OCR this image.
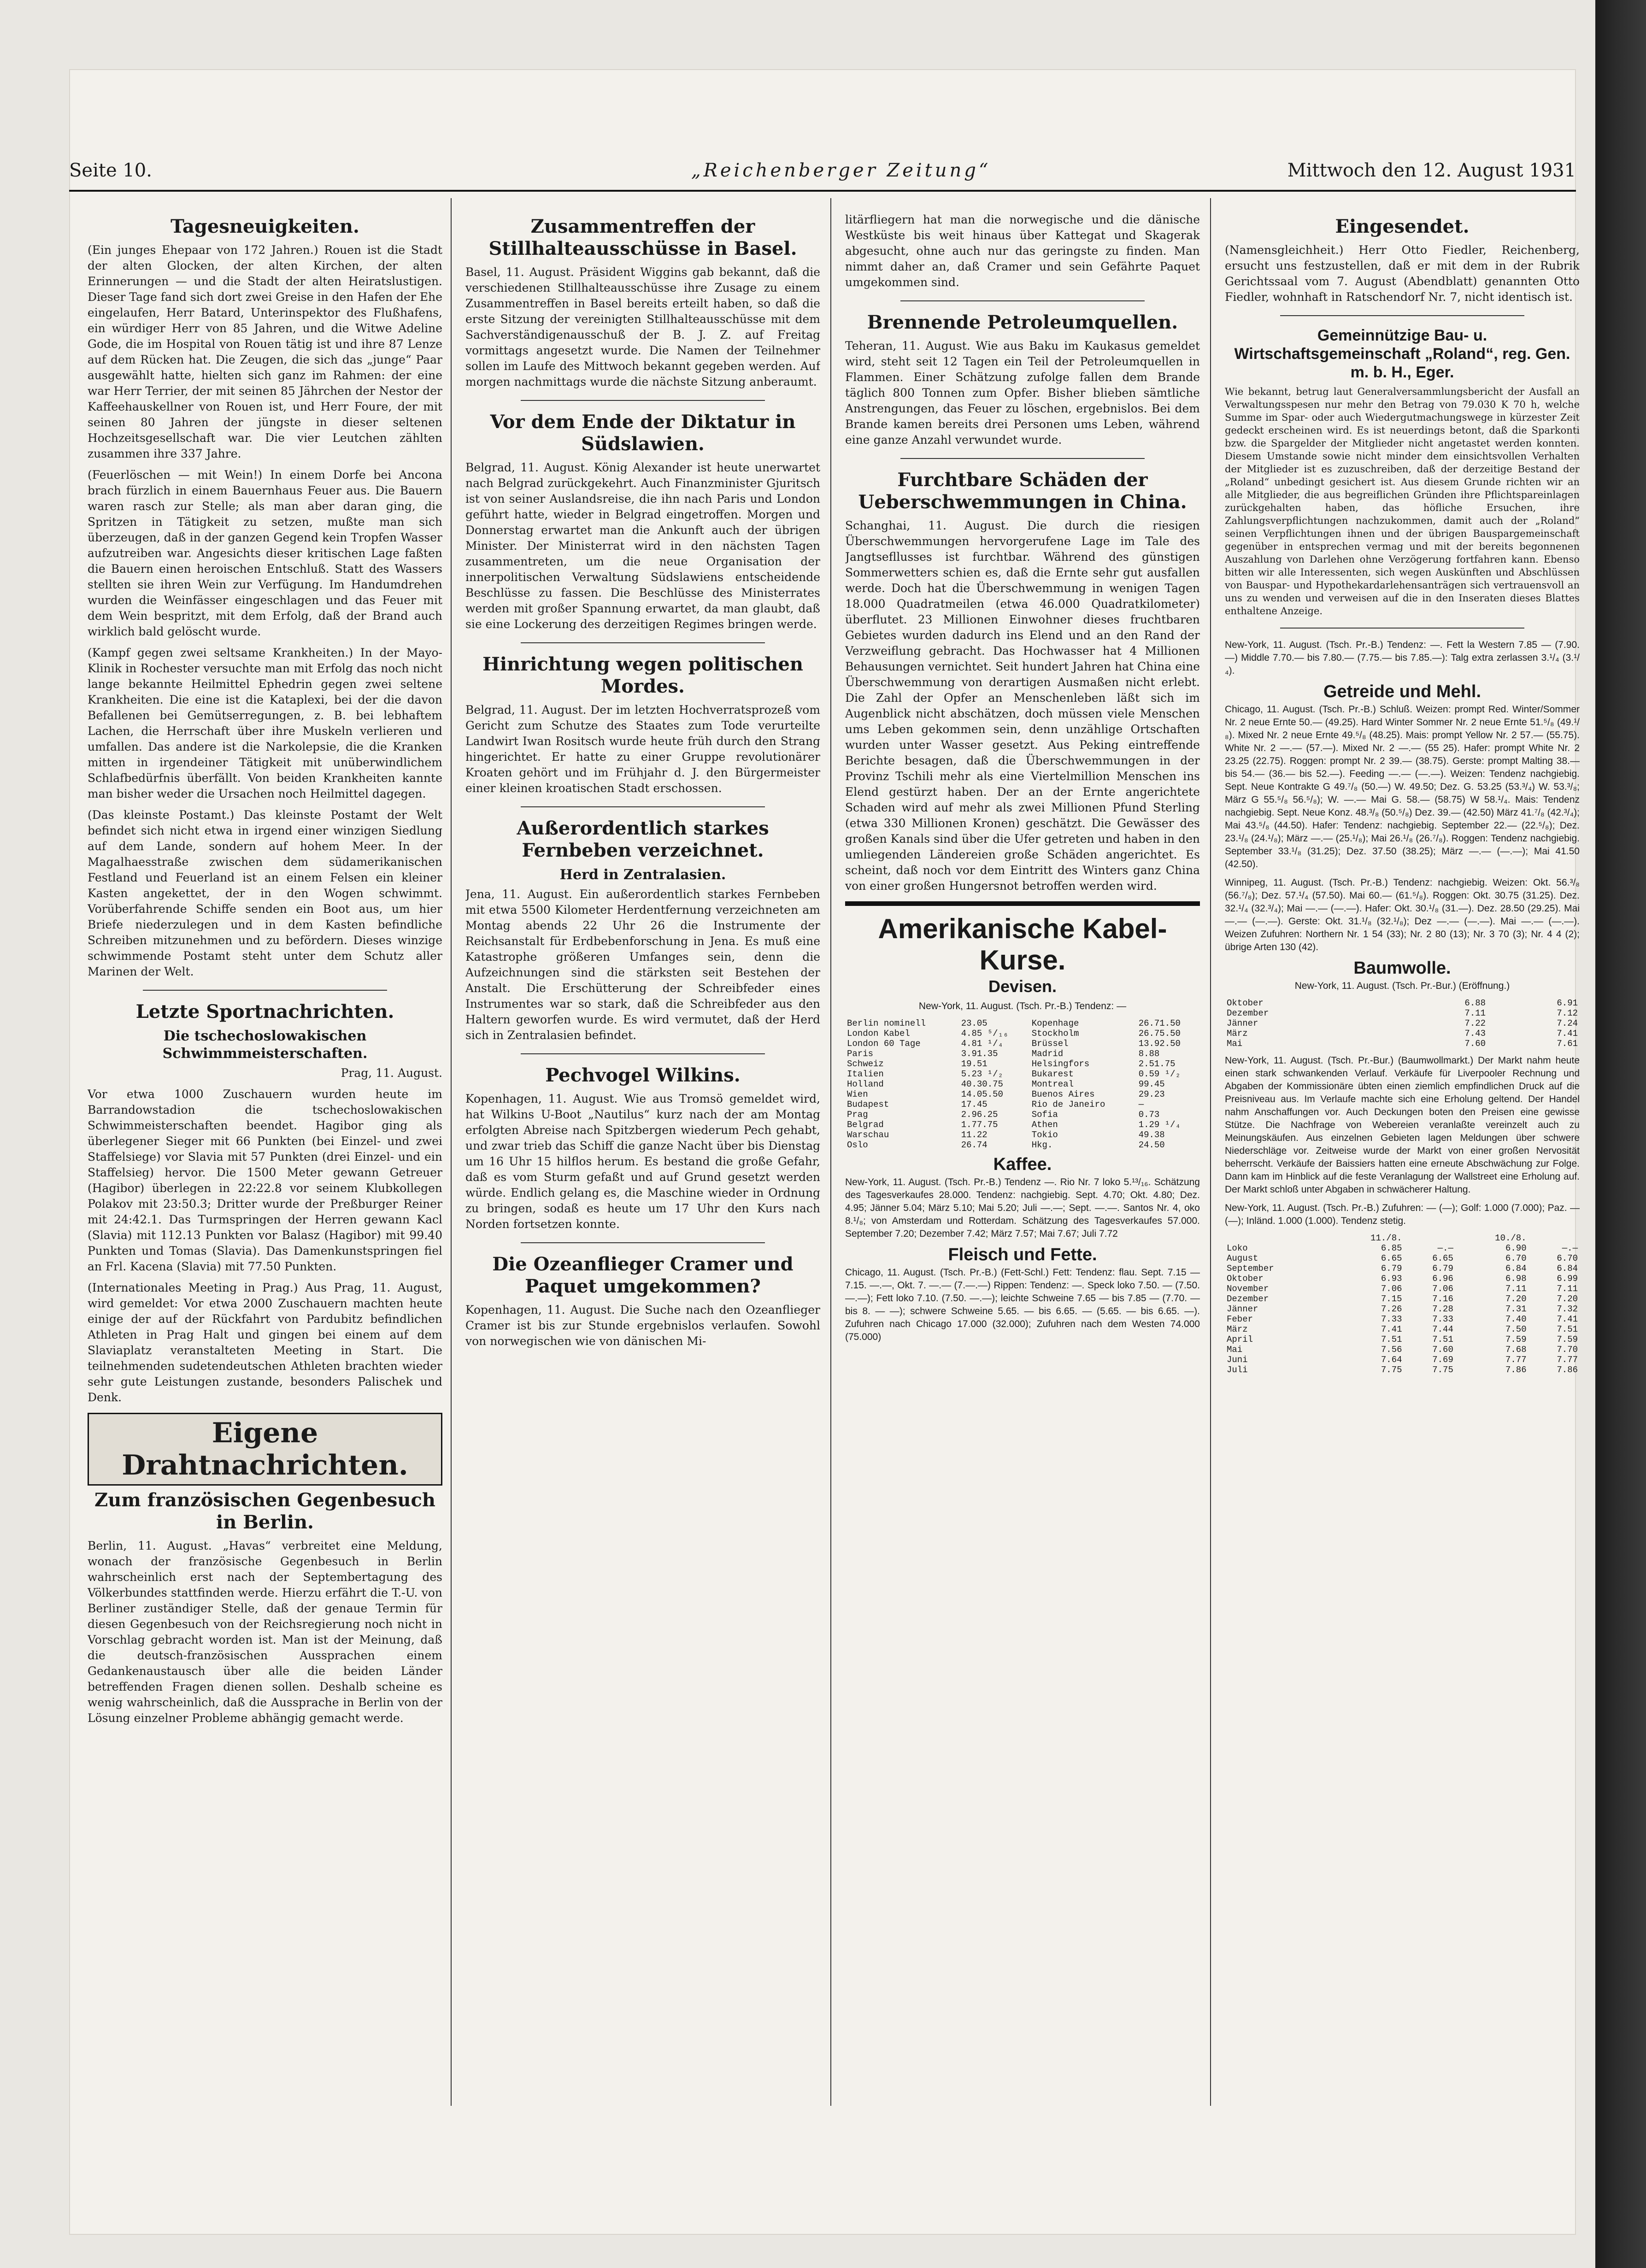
Seite 10.	„Reichenberger Zeitung“	Mittwoch den 12. August 1931
Tagesneuigkeiten.

(Ein junges Ehepaar von 172 Jahren.) Rouen ist die Stadt der alten Glocken, der alten Kirchen, der alten Erinnerungen — und die Stadt der alten Heiratslustigen. Dieser Tage fand sich dort zwei Greise in den Hafen der Ehe eingelaufen, Herr Batard, Unterinspektor des Flußhafens, ein würdiger Herr von 85 Jahren, und die Witwe Adeline Gode, die im Hospital von Rouen tätig ist und ihre 87 Lenze auf dem Rücken hat. Die Zeugen, die sich das „junge“ Paar ausgewählt hatte, hielten sich ganz im Rahmen: der eine war Herr Terrier, der mit seinen 85 Jährchen der Nestor der Kaffeehauskellner von Rouen ist, und Herr Foure, der mit seinen 80 Jahren der jüngste in dieser seltenen Hochzeitsgesellschaft war. Die vier Leutchen zählten zusammen ihre 337 Jahre.

(Feuerlöschen — mit Wein!) In einem Dorfe bei Ancona brach fürzlich in einem Bauernhaus Feuer aus. Die Bauern waren rasch zur Stelle; als man aber daran ging, die Spritzen in Tätigkeit zu setzen, mußte man sich überzeugen, daß in der ganzen Gegend kein Tropfen Wasser aufzutreiben war. Angesichts dieser kritischen Lage faßten die Bauern einen heroischen Entschluß. Statt des Wassers stellten sie ihren Wein zur Verfügung. Im Handumdrehen wurden die Weinfässer eingeschlagen und das Feuer mit dem Wein bespritzt, mit dem Erfolg, daß der Brand auch wirklich bald gelöscht wurde.

(Kampf gegen zwei seltsame Krankheiten.) In der Mayo-Klinik in Rochester versuchte man mit Erfolg das noch nicht lange bekannte Heilmittel Ephedrin gegen zwei seltene Krankheiten. Die eine ist die Kataplexi, bei der die davon Befallenen bei Gemütserregungen, z. B. bei lebhaftem Lachen, die Herrschaft über ihre Muskeln verlieren und umfallen. Das andere ist die Narkolepsie, die die Kranken mitten in irgendeiner Tätigkeit mit unüberwindlichem Schlafbedürfnis überfällt. Von beiden Krankheiten kannte man bisher weder die Ursachen noch Heilmittel dagegen.

(Das kleinste Postamt.) Das kleinste Postamt der Welt befindet sich nicht etwa in irgend einer winzigen Siedlung auf dem Lande, sondern auf hohem Meer. In der Magalhaesstraße zwischen dem südamerikanischen Festland und Feuerland ist an einem Felsen ein kleiner Kasten angekettet, der in den Wogen schwimmt. Vorüberfahrende Schiffe senden ein Boot aus, um hier Briefe niederzulegen und in dem Kasten befindliche Schreiben mitzunehmen und zu befördern. Dieses winzige schwimmende Postamt steht unter dem Schutz aller Marinen der Welt.

Letzte Sportnachrichten.
Die tschechoslowakischen Schwimmmeisterschaften.

Prag, 11. August.

Vor etwa 1000 Zuschauern wurden heute im Barrandowstadion die tschechoslowakischen Schwimmeisterschaften beendet. Hagibor ging als überlegener Sieger mit 66 Punkten (bei Einzel- und zwei Staffelsiege) vor Slavia mit 57 Punkten (drei Einzel- und ein Staffelsieg) hervor. Die 1500 Meter gewann Getreuer (Hagibor) überlegen in 22:22.8 vor seinem Klubkollegen Polakov mit 23:50.3; Dritter wurde der Preßburger Reiner mit 24:42.1. Das Turmspringen der Herren gewann Kacl (Slavia) mit 112.13 Punkten vor Balasz (Hagibor) mit 99.40 Punkten und Tomas (Slavia). Das Damenkunstspringen fiel an Frl. Kacena (Slavia) mit 77.50 Punkten.

(Internationales Meeting in Prag.) Aus Prag, 11. August, wird gemeldet: Vor etwa 2000 Zuschauern machten heute einige der auf der Rückfahrt von Pardubitz befindlichen Athleten in Prag Halt und gingen bei einem auf dem Slaviaplatz veranstalteten Meeting in Start. Die teilnehmenden sudetendeutschen Athleten brachten wieder sehr gute Leistungen zustande, besonders Palischek und Denk.

Eigene Drahtnachrichten.
Zum französischen Gegenbesuch in Berlin.

Berlin, 11. August. „Havas“ verbreitet eine Meldung, wonach der französische Gegenbesuch in Berlin wahrscheinlich erst nach der Septembertagung des Völkerbundes stattfinden werde. Hierzu erfährt die T.-U. von Berliner zuständiger Stelle, daß der genaue Termin für diesen Gegenbesuch von der Reichsregierung noch nicht in Vorschlag gebracht worden ist. Man ist der Meinung, daß die deutsch-französischen Aussprachen einem Gedankenaustausch über alle die beiden Länder betreffenden Fragen dienen sollen. Deshalb scheine es wenig wahrscheinlich, daß die Aussprache in Berlin von der Lösung einzelner Probleme abhängig gemacht werde.

Zusammentreffen der Stillhalteausschüsse in Basel.

Basel, 11. August. Präsident Wiggins gab bekannt, daß die verschiedenen Stillhalteausschüsse ihre Zusage zu einem Zusammentreffen in Basel bereits erteilt haben, so daß die erste Sitzung der vereinigten Stillhalteausschüsse mit dem Sachverständigenausschuß der B. J. Z. auf Freitag vormittags angesetzt wurde. Die Namen der Teilnehmer sollen im Laufe des Mittwoch bekannt gegeben werden. Auf morgen nachmittags wurde die nächste Sitzung anberaumt.

Vor dem Ende der Diktatur in Südslawien.

Belgrad, 11. August. König Alexander ist heute unerwartet nach Belgrad zurückgekehrt. Auch Finanzminister Gjuritsch ist von seiner Auslandsreise, die ihn nach Paris und London geführt hatte, wieder in Belgrad eingetroffen. Morgen und Donnerstag erwartet man die Ankunft auch der übrigen Minister. Der Ministerrat wird in den nächsten Tagen zusammentreten, um die neue Organisation der innerpolitischen Verwaltung Südslawiens entscheidende Beschlüsse zu fassen. Die Beschlüsse des Ministerrates werden mit großer Spannung erwartet, da man glaubt, daß sie eine Lockerung des derzeitigen Regimes bringen werde.

Hinrichtung wegen politischen Mordes.

Belgrad, 11. August. Der im letzten Hochverratsprozeß vom Gericht zum Schutze des Staates zum Tode verurteilte Landwirt Iwan Rositsch wurde heute früh durch den Strang hingerichtet. Er hatte zu einer Gruppe revolutionärer Kroaten gehört und im Frühjahr d. J. den Bürgermeister einer kleinen kroatischen Stadt erschossen.

Außerordentlich starkes Fernbeben verzeichnet.
Herd in Zentralasien.

Jena, 11. August. Ein außerordentlich starkes Fernbeben mit etwa 5500 Kilometer Herdentfernung verzeichneten am Montag abends 22 Uhr 26 die Instrumente der Reichsanstalt für Erdbebenforschung in Jena. Es muß eine Katastrophe größeren Umfanges sein, denn die Aufzeichnungen sind die stärksten seit Bestehen der Anstalt. Die Erschütterung der Schreibfeder eines Instrumentes war so stark, daß die Schreibfeder aus den Haltern geworfen wurde. Es wird vermutet, daß der Herd sich in Zentralasien befindet.

Pechvogel Wilkins.

Kopenhagen, 11. August. Wie aus Tromsö gemeldet wird, hat Wilkins U-Boot „Nautilus“ kurz nach der am Montag erfolgten Abreise nach Spitzbergen wiederum Pech gehabt, und zwar trieb das Schiff die ganze Nacht über bis Dienstag um 16 Uhr 15 hilflos herum. Es bestand die große Gefahr, daß es vom Sturm gefaßt und auf Grund gesetzt werden würde. Endlich gelang es, die Maschine wieder in Ordnung zu bringen, sodaß es heute um 17 Uhr den Kurs nach Norden fortsetzen konnte.

Die Ozeanflieger Cramer und Paquet umgekommen?

Kopenhagen, 11. August. Die Suche nach den Ozeanflieger Cramer ist bis zur Stunde ergebnislos verlaufen. Sowohl von norwegischen wie von dänischen Mi-

litärfliegern hat man die norwegische und die dänische Westküste bis weit hinaus über Kattegat und Skagerak abgesucht, ohne auch nur das geringste zu finden. Man nimmt daher an, daß Cramer und sein Gefährte Paquet umgekommen sind.

Brennende Petroleumquellen.

Teheran, 11. August. Wie aus Baku im Kaukasus gemeldet wird, steht seit 12 Tagen ein Teil der Petroleumquellen in Flammen. Einer Schätzung zufolge fallen dem Brande täglich 800 Tonnen zum Opfer. Bisher blieben sämtliche Anstrengungen, das Feuer zu löschen, ergebnislos. Bei dem Brande kamen bereits drei Personen ums Leben, während eine ganze Anzahl verwundet wurde.

Furchtbare Schäden der Ueberschwemmungen in China.

Schanghai, 11. August. Die durch die riesigen Überschwemmungen hervorgerufene Lage im Tale des Jangtsefllusses ist furchtbar. Während des günstigen Sommerwetters schien es, daß die Ernte sehr gut ausfallen werde. Doch hat die Überschwemmung in wenigen Tagen 18.000 Quadratmeilen (etwa 46.000 Quadratkilometer) überflutet. 23 Millionen Einwohner dieses fruchtbaren Gebietes wurden dadurch ins Elend und an den Rand der Verzweiflung gebracht. Das Hochwasser hat 4 Millionen Behausungen vernichtet. Seit hundert Jahren hat China eine Überschwemmung von derartigen Ausmaßen nicht erlebt. Die Zahl der Opfer an Menschenleben läßt sich im Augenblick nicht abschätzen, doch müssen viele Menschen ums Leben gekommen sein, denn unzählige Ortschaften wurden unter Wasser gesetzt. Aus Peking eintreffende Berichte besagen, daß die Überschwemmungen in der Provinz Tschili mehr als eine Viertelmillion Menschen ins Elend gestürzt haben. Der an der Ernte angerichtete Schaden wird auf mehr als zwei Millionen Pfund Sterling (etwa 330 Millionen Kronen) geschätzt. Die Gewässer des großen Kanals sind über die Ufer getreten und haben in den umliegenden Ländereien große Schäden angerichtet. Es scheint, daß noch vor dem Eintritt des Winters ganz China von einer großen Hungersnot betroffen werden wird.

Amerikanische Kabel-Kurse.
Devisen.

New-York, 11. August. (Tsch. Pr.-B.) Tendenz: —

Berlin nominell	23.05	Kopenhage	26.71.50
London Kabel	4.85 ⁵/₁₆	Stockholm	26.75.50
London 60 Tage	4.81 ¹/₄	Brüssel	13.92.50
Paris	3.91.35	Madrid	8.88
Schweiz	19.51	Helsingfors	2.51.75
Italien	5.23 ¹/₂	Bukarest	0.59 ¹/₂
Holland	40.30.75	Montreal	99.45
Wien	14.05.50	Buenos Aires	29.23
Budapest	17.45	Rio de Janeiro	—
Prag	2.96.25	Sofia	0.73
Belgrad	1.77.75	Athen	1.29 ¹/₄
Warschau	11.22	Tokio	49.38
Oslo	26.74	Hkg.	24.50
Kaffee.

New-York, 11. August. (Tsch. Pr.-B.) Tendenz —. Rio Nr. 7 loko 5.¹³/₁₆. Schätzung des Tagesverkaufes 28.000. Tendenz: nachgiebig. Sept. 4.70; Okt. 4.80; Dez. 4.95; Jänner 5.04; März 5.10; Mai 5.20; Juli —.—; Sept. —.—. Santos Nr. 4, oko 8.¹/₈; von Amsterdam und Rotterdam. Schätzung des Tagesverkaufes 57.000. September 7.20; Dezember 7.42; März 7.57; Mai 7.67; Juli 7.72

Fleisch und Fette.

Chicago, 11. August. (Tsch. Pr.-B.) (Fett-Schl.) Fett: Tendenz: flau. Sept. 7.15 — 7.15. —.—, Okt. 7. —.— (7.—.—) Rippen: Tendenz: —. Speck loko 7.50. — (7.50. —.—); Fett loko 7.10. (7.50. —.—); leichte Schweine 7.65 — bis 7.85 — (7.70. — bis 8. — —); schwere Schweine 5.65. — bis 6.65. — (5.65. — bis 6.65. —). Zufuhren nach Chicago 17.000 (32.000); Zufuhren nach dem Westen 74.000 (75.000)

Eingesendet.

(Namensgleichheit.) Herr Otto Fiedler, Reichenberg, ersucht uns festzustellen, daß er mit dem in der Rubrik Gerichtssaal vom 7. August (Abendblatt) genannten Otto Fiedler, wohnhaft in Ratschendorf Nr. 7, nicht identisch ist.

Gemeinnützige Bau- u. Wirtschaftsgemeinschaft „Roland“, reg. Gen. m. b. H., Eger.

Wie bekannt, betrug laut Generalversammlungsbericht der Ausfall an Verwaltungsspesen nur mehr den Betrag von 79.030 K 70 h, welche Summe im Spar- oder auch Wiedergutmachungswege in kürzester Zeit gedeckt erscheinen wird. Es ist neuerdings betont, daß die Sparkonti bzw. die Spargelder der Mitglieder nicht angetastet werden konnten. Diesem Umstande sowie nicht minder dem einsichtsvollen Verhalten der Mitglieder ist es zuzuschreiben, daß der derzeitige Bestand der „Roland“ unbedingt gesichert ist. Aus diesem Grunde richten wir an alle Mitglieder, die aus begreiflichen Gründen ihre Pflichtspareinlagen zurückgehalten haben, das höfliche Ersuchen, ihre Zahlungsverpflichtungen nachzukommen, damit auch der „Roland“ seinen Verpflichtungen ihnen und der übrigen Bauspargemeinschaft gegenüber in entsprechen vermag und mit der bereits begonnenen Auszahlung von Darlehen ohne Verzögerung fortfahren kann. Ebenso bitten wir alle Interessenten, sich wegen Auskünften und Abschlüssen von Bauspar- und Hypothekardarlehensanträgen sich vertrauensvoll an uns zu wenden und verweisen auf die in den Inseraten dieses Blattes enthaltene Anzeige.

New-York, 11. August. (Tsch. Pr.-B.) Tendenz: —. Fett la Western 7.85 — (7.90. —) Middle 7.70.— bis 7.80.— (7.75.— bis 7.85.—): Talg extra zerlassen 3.¹/₄ (3.¹/₄).

Getreide und Mehl.

Chicago, 11. August. (Tsch. Pr.-B.) Schluß. Weizen: prompt Red. Winter/Sommer Nr. 2 neue Ernte 50.— (49.25). Hard Winter Sommer Nr. 2 neue Ernte 51.⁵/₈ (49.¹/₈). Mixed Nr. 2 neue Ernte 49.⁵/₈ (48.25). Mais: prompt Yellow Nr. 2 57.— (55.75). White Nr. 2 —.— (57.—). Mixed Nr. 2 —.— (55 25). Hafer: prompt White Nr. 2 23.25 (22.75). Roggen: prompt Nr. 2 39.— (38.75). Gerste: prompt Malting 38.— bis 54.— (36.— bis 52.—). Feeding —.— (—.—). Weizen: Tendenz nachgiebig. Sept. Neue Kontrakte G 49.⁷/₈ (50.—) W. 49.50; Dez. G. 53.25 (53.³/₄) W. 53.³/₈; März G 55.⁵/₈ 56.⁵/₈); W. —.— Mai G. 58.— (58.75) W 58.¹/₄. Mais: Tendenz nachgiebig. Sept. Neue Konz. 48.³/₈ (50.⁵/₈) Dez. 39.— (42.50) März 41.⁷/₈ (42.³/₄); Mai 43.⁵/₈ (44.50). Hafer: Tendenz: nachgiebig. September 22.— (22.⁵/₈); Dez. 23.¹/₈ (24.¹/₈); März —.— (25.¹/₈); Mai 26.¹/₈ (26.⁷/₈). Roggen: Tendenz nachgiebig. September 33.¹/₈ (31.25); Dez. 37.50 (38.25); März —.— (—.—); Mai 41.50 (42.50).

Winnipeg, 11. August. (Tsch. Pr.-B.) Tendenz: nachgiebig. Weizen: Okt. 56.³/₈ (56.⁷/₈); Dez. 57.¹/₄ (57.50). Mai 60.— (61.⁵/₈). Roggen: Okt. 30.75 (31.25). Dez. 32.¹/₄ (32.³/₄); Mai —.— (—.—). Hafer: Okt. 30.¹/₈ (31.—). Dez. 28.50 (29.25). Mai —.— (—.—). Gerste: Okt. 31.¹/₈ (32.¹/₈); Dez —.— (—.—). Mai —.— (—.—). Weizen Zufuhren: Northern Nr. 1 54 (33); Nr. 2 80 (13); Nr. 3 70 (3); Nr. 4 4 (2); übrige Arten 130 (42).

Baumwolle.

New-York, 11. August. (Tsch. Pr.-Bur.) (Eröffnung.)

Oktober	6.88	6.91
Dezember	7.11	7.12
Jänner	7.22	7.24
März	7.43	7.41
Mai	7.60	7.61

New-York, 11. August. (Tsch. Pr.-Bur.) (Baumwollmarkt.) Der Markt nahm heute einen stark schwankenden Verlauf. Verkäufe für Liverpooler Rechnung und Abgaben der Kommissionäre übten einen ziemlich empfindlichen Druck auf die Preisniveau aus. Im Verlaufe machte sich eine Erholung geltend. Der Handel nahm Anschaffungen vor. Auch Deckungen boten den Preisen eine gewisse Stütze. Die Nachfrage von Webereien veranlaßte vereinzelt auch zu Meinungskäufen. Aus einzelnen Gebieten lagen Meldungen über schwere Niederschläge vor. Zeitweise wurde der Markt von einer großen Nervosität beherrscht. Verkäufe der Baissiers hatten eine erneute Abschwächung zur Folge. Dann kam im Hinblick auf die feste Veranlagung der Wallstreet eine Erholung auf. Der Markt schloß unter Abgaben in schwächerer Haltung.

New-York, 11. August. (Tsch. Pr.-B.) Zufuhren: — (—); Golf: 1.000 (7.000); Paz. — (—); Inländ. 1.000 (1.000). Tendenz stetig.

	11./8.		10./8.	
Loko	6.85	—.—	6.90	—.—
August	6.65	6.65	6.70	6.70
September	6.79	6.79	6.84	6.84
Oktober	6.93	6.96	6.98	6.99
November	7.06	7.06	7.11	7.11
Dezember	7.15	7.16	7.20	7.20
Jänner	7.26	7.28	7.31	7.32
Feber	7.33	7.33	7.40	7.41
März	7.41	7.44	7.50	7.51
April	7.51	7.51	7.59	7.59
Mai	7.56	7.60	7.68	7.70
Juni	7.64	7.69	7.77	7.77
Juli	7.75	7.75	7.86	7.86
